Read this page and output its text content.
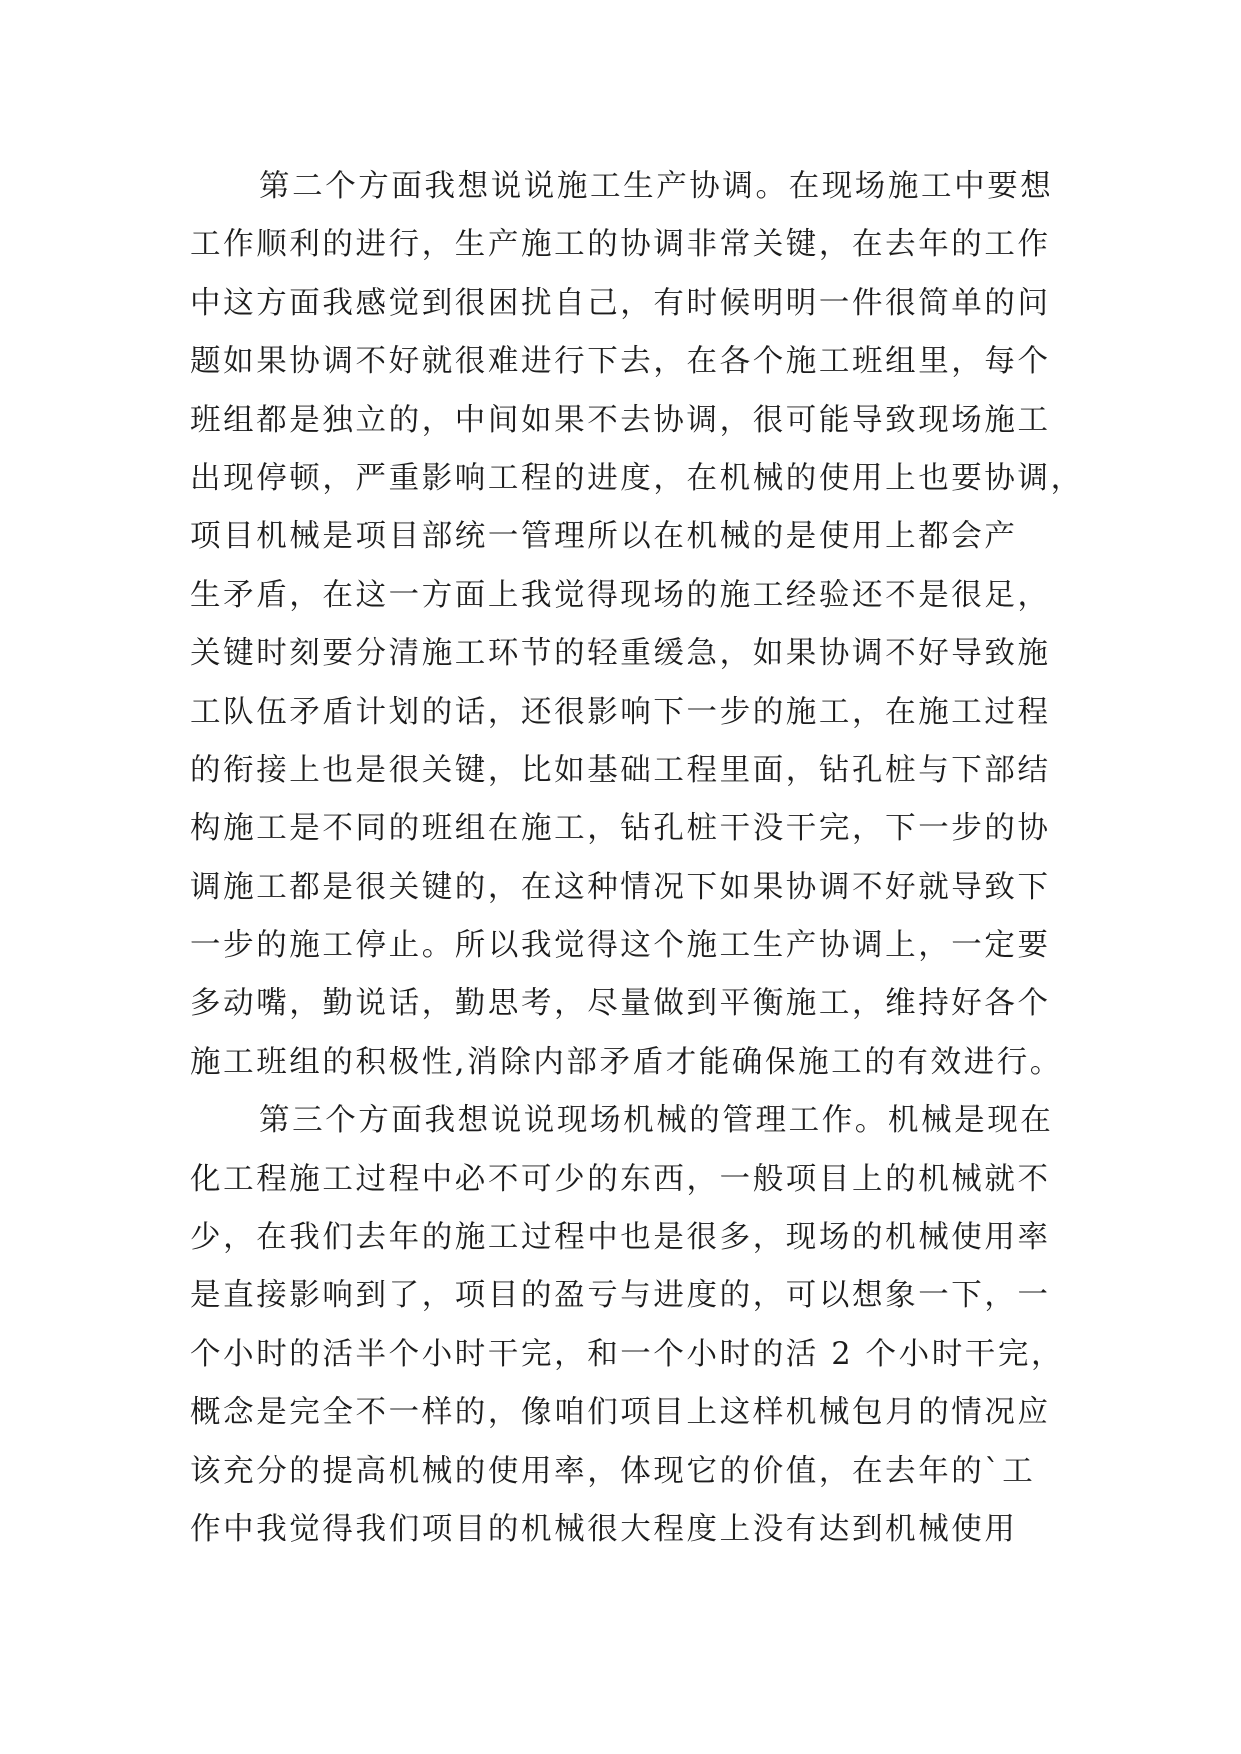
第二个方面我想说说施工生产协调。在现场施工中要想
工作顺利的进行，生产施工的协调非常关键，在去年的工作
中这方面我感觉到很困扰自己，有时候明明一件很简单的问
题如果协调不好就很难进行下去，在各个施工班组里，每个
班组都是独立的，中间如果不去协调，很可能导致现场施工
出现停顿，严重影响工程的进度，在机械的使用上也要协调，
项目机械是项目部统一管理所以在机械的是使用上都会产
生矛盾，在这一方面上我觉得现场的施工经验还不是很足，
关键时刻要分清施工环节的轻重缓急，如果协调不好导致施
工队伍矛盾计划的话，还很影响下一步的施工，在施工过程
的衔接上也是很关键，比如基础工程里面，钻孔桩与下部结
构施工是不同的班组在施工，钻孔桩干没干完，下一步的协
调施工都是很关键的，在这种情况下如果协调不好就导致下
一步的施工停止。所以我觉得这个施工生产协调上，一定要
多动嘴，勤说话，勤思考，尽量做到平衡施工，维持好各个
施工班组的积极性,消除内部矛盾才能确保施工的有效进行。
第三个方面我想说说现场机械的管理工作。机械是现在
化工程施工过程中必不可少的东西，一般项目上的机械就不
少，在我们去年的施工过程中也是很多，现场的机械使用率
是直接影响到了，项目的盈亏与进度的，可以想象一下，一
个小时的活半个小时干完，和一个小时的活 2 个小时干完，
概念是完全不一样的，像咱们项目上这样机械包月的情况应
该充分的提高机械的使用率，体现它的价值，在去年的`工
作中我觉得我们项目的机械很大程度上没有达到机械使用
